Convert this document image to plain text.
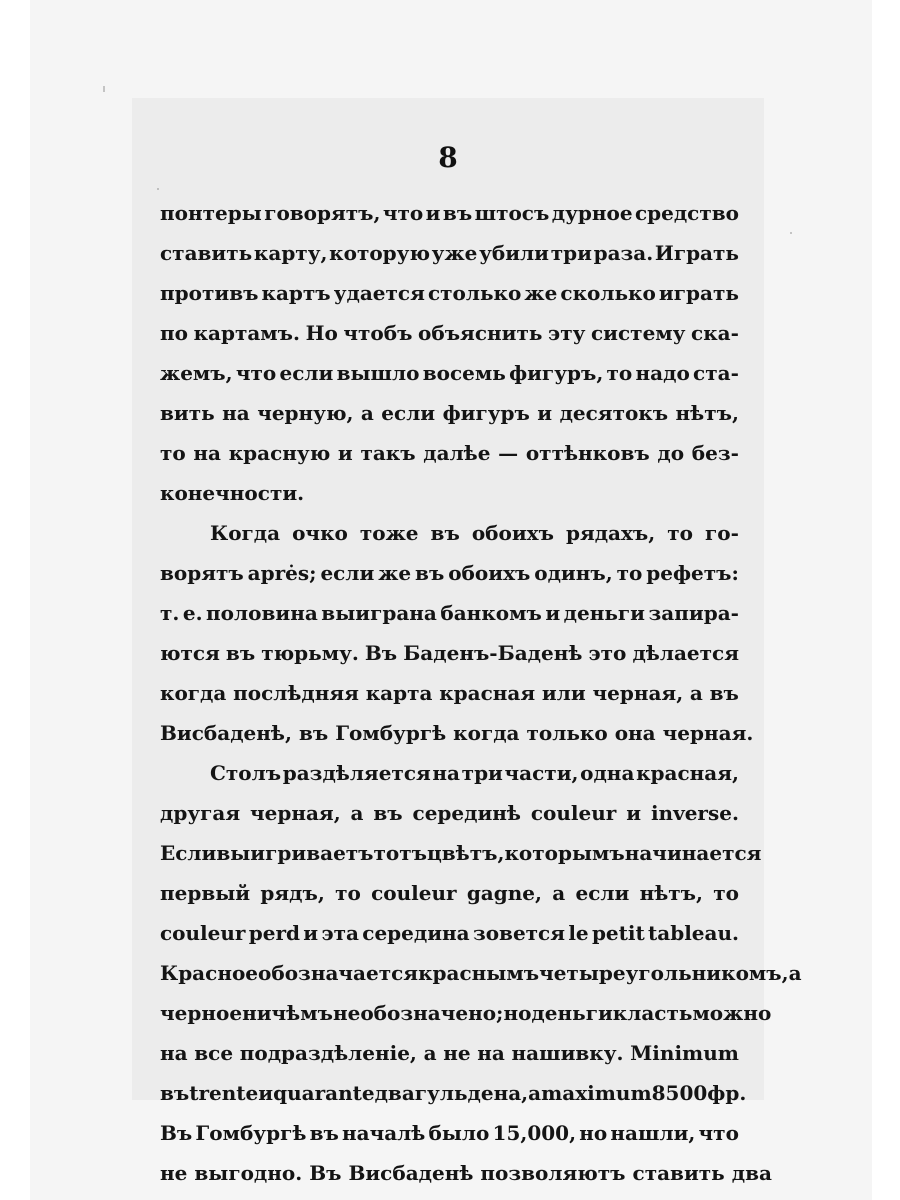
8
понтеры говорятъ, что и въ штосъ дурное средство
ставить карту, которую уже убили три раза. Играть
противъ картъ удается столько же сколько играть
по картамъ. Но чтобъ объяснить эту систему ска-
жемъ, что если вышло восемь фигуръ, то надо ста-
вить на черную, а если фигуръ и десятокъ нѣтъ,
то на красную и такъ далѣе — оттѣнковъ до без-
конечности.
Когда очко тоже въ обоихъ рядахъ, то го-
ворятъ aprės; если же въ обоихъ одинъ, то рефетъ:
т. е. половина выиграна банкомъ и деньги запира-
ются въ тюрьму. Въ Баденъ-Баденѣ это дѣлается
когда послѣдняя карта красная или черная, а въ
Висбаденѣ, въ Гомбургѣ когда только она черная.
Столъ раздѣляется на три части, одна красная,
другая черная, а въ серединѣ couleur и inverse.
Если выигриваетъ тотъ цвѣтъ, которымъ начинается
первый рядъ, то couleur gagne, а если нѣтъ, то
couleur perd и эта середина зовется le petit tableau.
Красное обозначается краснымъ четыреугольникомъ, а
черное ничѣмъ не обозначено; но деньги класть можно
на все подраздѣленіе, а не на нашивку. Minimum
въ trente и quarante два гульдена, а maximum 8500 фр.
Въ Гомбургѣ въ началѣ было 15,000, но нашли, что
не выгодно. Въ Висбаденѣ позволяютъ ставить два
